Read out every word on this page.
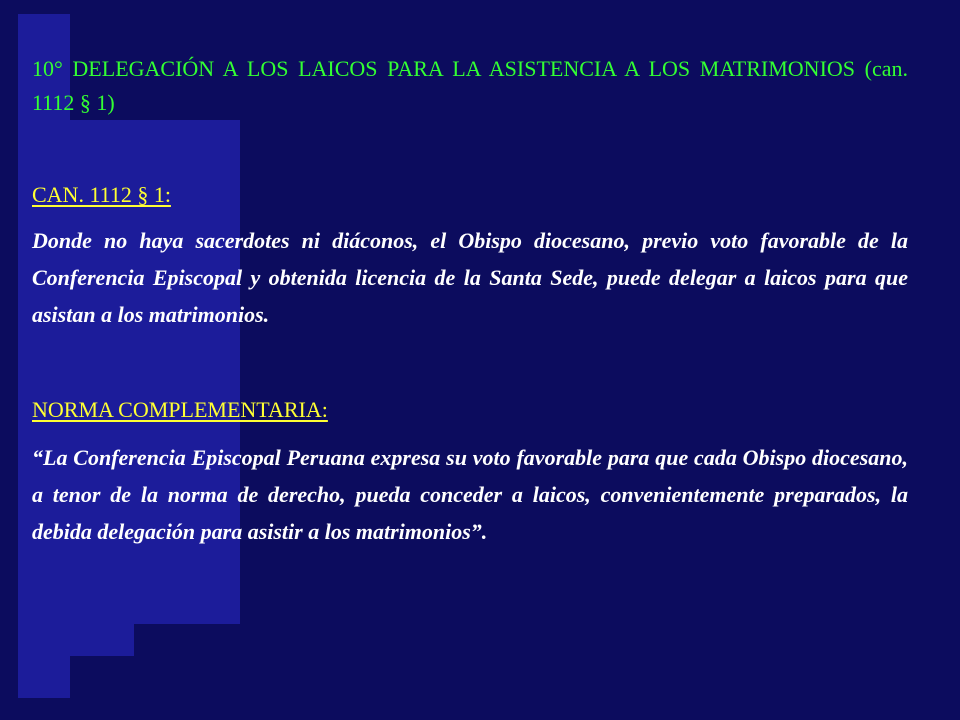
10° DELEGACIÓN A LOS LAICOS PARA LA ASISTENCIA A LOS MATRIMONIOS (can. 1112 § 1)
CAN. 1112 § 1:

Donde no haya sacerdotes ni diáconos, el Obispo diocesano, previo voto favorable de la Conferencia Episcopal y obtenida licencia de la Santa Sede, puede delegar a laicos para que asistan a los matrimonios.

NORMA COMPLEMENTARIA:

“La Conferencia Episcopal Peruana expresa su voto favorable para que cada Obispo diocesano, a tenor de la norma de derecho, pueda conceder a laicos, convenientemente preparados, la debida delegación para asistir a los matrimonios”.
